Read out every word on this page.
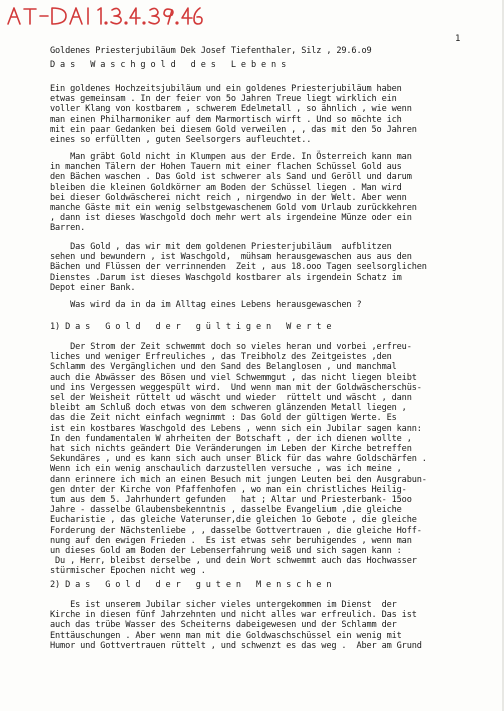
1
Goldenes Priesterjubiläum Dek Josef Tiefenthaler, Silz , 29.6.o9
D a s   W a s c h g o l d   d e s   L e b e n s
Ein goldenes Hochzeitsjubiläum und ein goldenes Priesterjubiläum haben
etwas gemeinsam . In der feier von 5o Jahren Treue liegt wirklich ein
voller Klang von kostbarem , schwerem Edelmetall , so ähnlich , wie wenn
man einen Philharmoniker auf dem Marmortisch wirft . Und so möchte ich
mit ein paar Gedanken bei diesem Gold verweilen , , das mit den 5o Jahren
eines so erfüllten , guten Seelsorgers aufleuchtet..
Man gräbt Gold nicht in Klumpen aus der Erde. In Österreich kann man
in manchen Tälern der Hohen Tauern mit einer flachen Schüssel Gold aus
den Bächen waschen . Das Gold ist schwerer als Sand und Geröll und darum
bleiben die kleinen Goldkörner am Boden der Schüssel liegen . Man wird
bei dieser Goldwäscherei nicht reich , nirgendwo in der Welt. Aber wenn
manche Gäste mit ein wenig selbstgewaschenem Gold vom Urlaub zurückkehren
, dann ist dieses Waschgold doch mehr wert als irgendeine Münze oder ein
Barren.
Das Gold , das wir mit dem goldenen Priesterjubiläum  aufblitzen
sehen und bewundern , ist Waschgold,  mühsam herausgewaschen aus aus den
Bächen und Flüssen der verrinnenden  Zeit , aus 18.ooo Tagen seelsorglichen
Dienstes .Darum ist dieses Waschgold kostbarer als irgendein Schatz im
Depot einer Bank.
Was wird da in da im Alltag eines Lebens herausgewaschen ?
1) D a s   G o l d   d e r   g ü l t i g e n   W e r t e
Der Strom der Zeit schwemmt doch so vieles heran und vorbei ,erfreu-
liches und weniger Erfreuliches , das Treibholz des Zeitgeistes ,den
Schlamm des Vergänglichen und den Sand des Belanglosen , und manchmal
auch die Abwässer des Bösen und viel Schwemmgut , das nicht liegen bleibt
und ins Vergessen weggespült wird.  Und wenn man mit der Goldwäscherschüs-
sel der Weisheit rüttelt ud wäscht und wieder  rüttelt und wäscht , dann
bleibt am Schluß doch etwas von dem schweren glänzenden Metall liegen ,
das die Zeit nicht einfach wegnimmt : Das Gold der gültigen Werte. Es
ist ein kostbares Waschgold des Lebens , wenn sich ein Jubilar sagen kann:
In den fundamentalen W ahrheiten der Botschaft , der ich dienen wollte ,
hat sich nichts geändert Die Veränderungen im Leben der Kirche betreffen
Sekundäres , und es kann sich auch unser Blick für das wahre Goldschärfen .
Wenn ich ein wenig anschaulich darzustellen versuche , was ich meine ,
dann erinnere ich mich an einen Besuch mit jungen Leuten bei den Ausgrabun-
gen dnter der Kirche von Pfaffenhofen , wo man ein christliches Heilig-
tum aus dem 5. Jahrhundert gefunden   hat ; Altar und Priesterbank- 15oo
Jahre - dasselbe Glaubensbekenntnis , dasselbe Evangelium ,die gleiche
Eucharistie , das gleiche Vaterunser,die gleichen 1o Gebote , die gleiche
Forderung der Nächstenliebe , , dasselbe Gottvertrauen , die gleiche Hoff-
nung auf den ewigen Frieden .  Es ist etwas sehr beruhigendes , wenn man
un dieses Gold am Boden der Lebenserfahrung weiß und sich sagen kann :
Du , Herr, bleibst derselbe , und dein Wort schwemmt auch das Hochwasser
stürmischer Epochen nicht weg .
2) D a s   G o l d   d e r   g u t e n   M e n s c h e n
Es ist unserem Jubilar sicher vieles untergekommen im Dienst  der
Kirche in diesen fünf Jahrzehnten und nicht alles war erfreulich. Das ist
auch das trübe Wasser des Scheiterns dabeigewesen und der Schlamm der
Enttäuschungen . Aber wenn man mit die Goldwaschschüssel ein wenig mit
Humor und Gottvertrauen rüttelt , und schwenzt es das weg .  Aber am Grund
